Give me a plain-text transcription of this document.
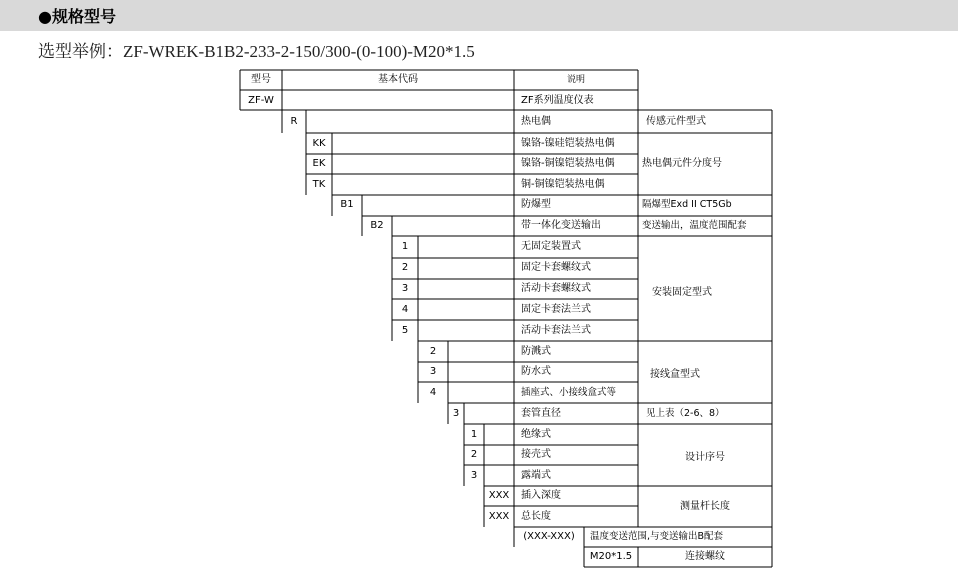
●规格型号
选型举例：ZF-WREK-B1B2-233-2-150/300-(0-100)-M20*1.5
型号	基本代码	说明
ZF-W
R
KK
EK
TK
B1
B2
1
2
3
4
5
2
3
4
3
1
2
3
XXX
XXX
(XXX-XXX)
M20*1.5
ZF系列温度仪表
热电偶
镍铬-镍硅铠装热电偶
镍铬-铜镍铠装热电偶
铜-铜镍铠装热电偶
防爆型
带一体化变送输出
无固定装置式
固定卡套螺纹式
活动卡套螺纹式
固定卡套法兰式
活动卡套法兰式
防溅式
防水式
插座式、小接线盒式等
套管直径
绝缘式
接壳式
露端式
插入深度
总长度
温度变送范围,与变送输出B配套
连接螺纹
传感元件型式
热电偶元件分度号
隔爆型Exd II CT5Gb
变送输出，温度范围配套
安装固定型式
接线盒型式
见上表（2-6、8）
设计序号
测量杆长度
